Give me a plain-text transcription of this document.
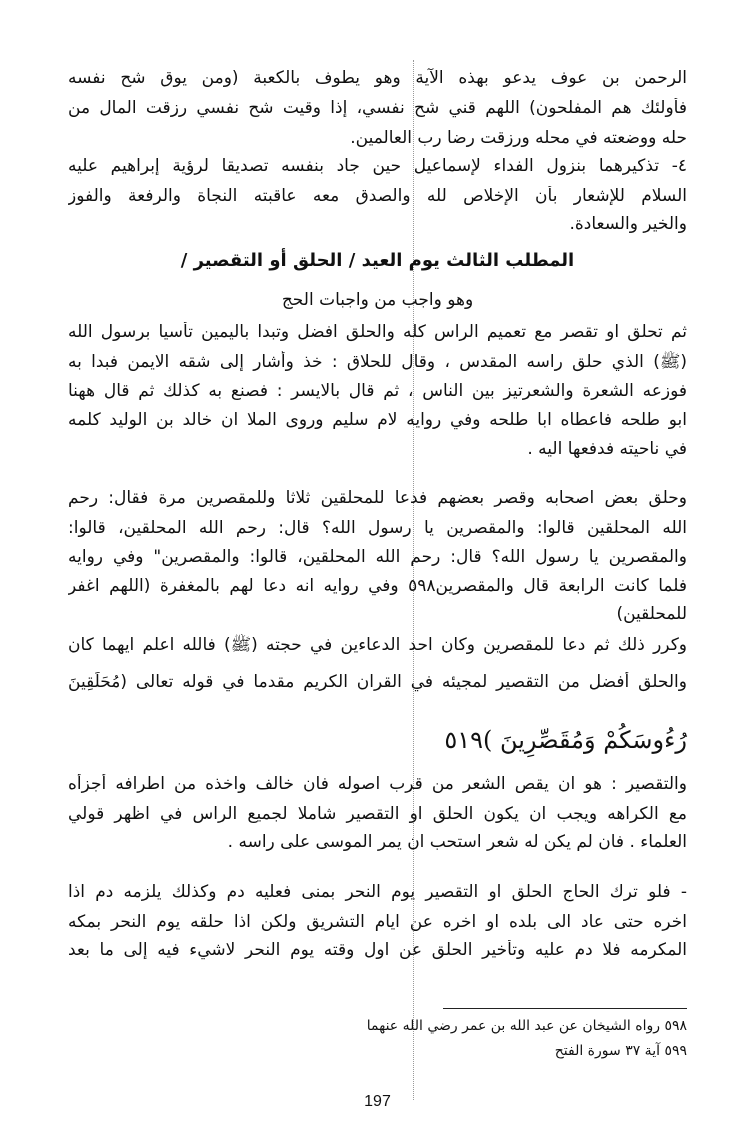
الرحمن بن عوف يدعو بهذه الآية وهو يطوف بالكعبة (ومن يوق شح نفسه
فأولئك هم المفلحون) اللهم قني شح نفسي، إذا وقيت شح نفسي رزقت المال من
حله ووضعته في محله ورزقت رضا رب العالمين.
٤- تذكيرهما بنزول الفداء لإسماعيل حين جاد بنفسه تصديقا لرؤية إبراهيم عليه
السلام للإشعار بأن الإخلاص لله والصدق معه عاقبته النجاة والرفعة والفوز
والخير والسعادة.
المطلب الثالث يوم العيد / الحلق أو التقصير /
وهو واجب من واجبات الحج
ثم تحلق او تقصر مع تعميم الراس كله والحلق افضل وتبدا باليمين تأسيا برسول الله
(ﷺ) الذي حلق راسه المقدس ، وقال للحلاق : خذ وأشار إلى شقه الايمن فبدا به
فوزعه الشعرة والشعرتيز بين الناس ، ثم قال بالايسر : فصنع به كذلك ثم قال ههنا
ابو طلحه فاعطاه ابا طلحه وفي روايه لام سليم وروى الملا ان خالد بن الوليد كلمه
في ناحيته فدفعها اليه .
وحلق بعض اصحابه وقصر بعضهم فدعا للمحلقين ثلاثا وللمقصرين مرة فقال: رحم
الله المحلقين قالوا: والمقصرين يا رسول الله؟ قال: رحم الله المحلقين، قالوا:
والمقصرين يا رسول الله؟ قال: رحم الله المحلقين، قالوا: والمقصرين" وفي روايه
فلما كانت الرابعة قال والمقصرين٥٩٨ وفي روايه انه دعا لهم بالمغفرة (اللهم اغفر
للمحلقين)
وكرر ذلك ثم دعا للمقصرين وكان احد الدعاءين في حجته (ﷺ) فالله اعلم ايهما كان
والحلق أفضل من التقصير لمجيئه في القران الكريم مقدما في قوله تعالى (مُحَلِّقِينَ
رُءُوسَكُمْ وَمُقَصِّرِينَ )٥١٩
والتقصير : هو ان يقص الشعر من قرب اصوله فان خالف واخذه من اطرافه أجزأه
مع الكراهه ويجب ان يكون الحلق او التقصير شاملا لجميع الراس في اظهر قولي
العلماء . فان لم يكن له شعر استحب ان يمر الموسى على راسه .
- فلو ترك الحاج الحلق او التقصير يوم النحر بمنى فعليه دم وكذلك يلزمه دم اذا
اخره حتى عاد الى بلده او اخره عن ايام التشريق ولكن اذا حلقه يوم النحر بمكه
المكرمه فلا دم عليه وتأخير الحلق عن اول وقته يوم النحر لاشيء فيه إلى ما بعد
٥٩٨ رواه الشيخان عن عبد الله بن عمر رضي الله عنهما
٥٩٩ آية ٣٧ سورة الفتح
197
